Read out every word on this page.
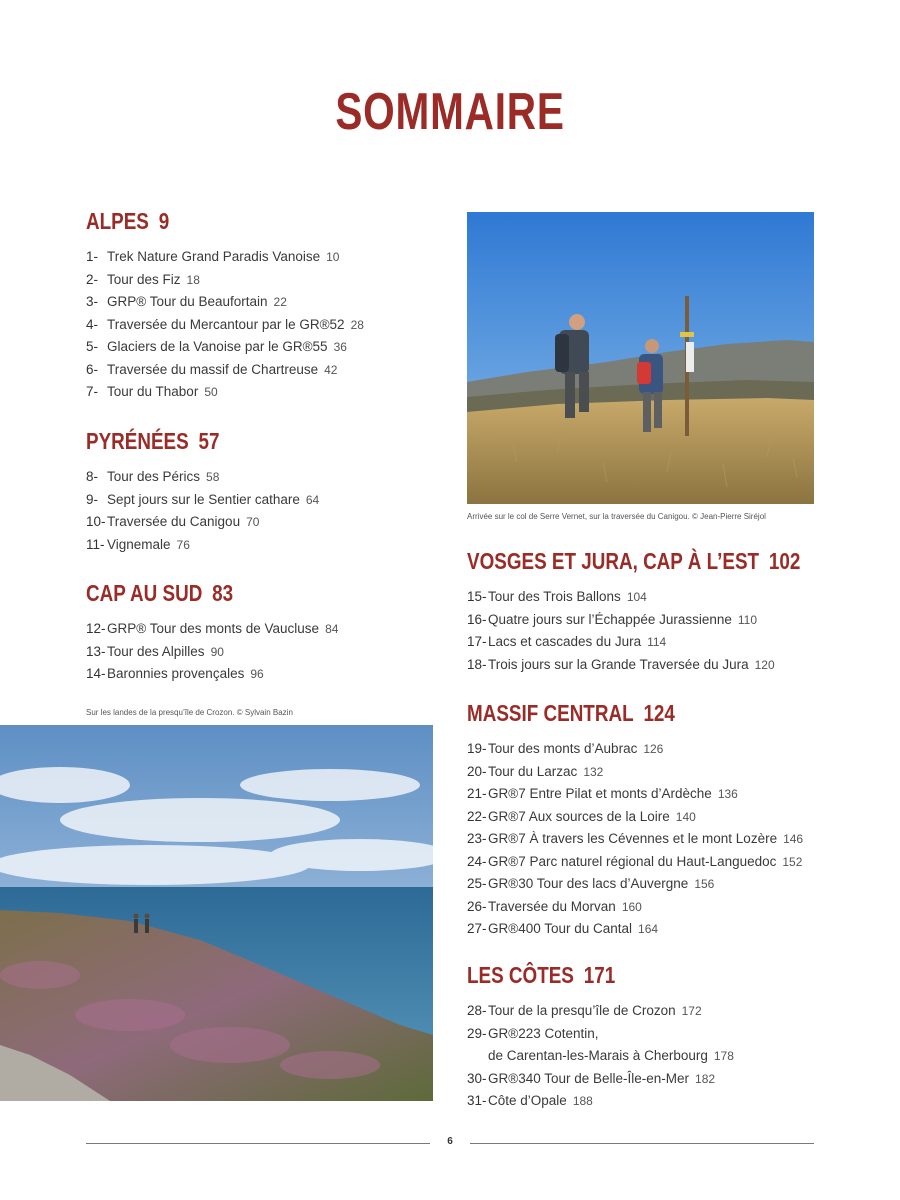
SOMMAIRE
ALPES 9
1- Trek Nature Grand Paradis Vanoise 10
2- Tour des Fiz 18
3- GRP® Tour du Beaufortain 22
4- Traversée du Mercantour par le GR®52 28
5- Glaciers de la Vanoise par le GR®55 36
6- Traversée du massif de Chartreuse 42
7- Tour du Thabor 50
PYRÉNÉES 57
8- Tour des Pérics 58
9- Sept jours sur le Sentier cathare 64
10-Traversée du Canigou 70
11- Vignemale 76
CAP AU SUD 83
12-GRP® Tour des monts de Vaucluse 84
13-Tour des Alpilles 90
14-Baronnies provençales 96
VOSGES ET JURA, CAP À L’EST 102
15-Tour des Trois Ballons 104
16-Quatre jours sur l’Échappée Jurassienne 110
17-Lacs et cascades du Jura 114
18-Trois jours sur la Grande Traversée du Jura 120
MASSIF CENTRAL 124
19-Tour des monts d’Aubrac 126
20-Tour du Larzac 132
21-GR®7 Entre Pilat et monts d’Ardèche 136
22-GR®7 Aux sources de la Loire 140
23-GR®7 À travers les Cévennes et le mont Lozère 146
24-GR®7 Parc naturel régional du Haut-Languedoc 152
25-GR®30 Tour des lacs d’Auvergne 156
26-Traversée du Morvan 160
27-GR®400 Tour du Cantal 164
LES CÔTES 171
28-Tour de la presqu’île de Crozon 172
29-GR®223 Cotentin,
de Carentan-les-Marais à Cherbourg 178
30-GR®340 Tour de Belle-Île-en-Mer 182
31-Côte d’Opale 188
Arrivée sur le col de Serre Vernet, sur la traversée du Canigou. © Jean-Pierre Siréjol
Sur les landes de la presqu’île de Crozon. © Sylvain Bazin
6
